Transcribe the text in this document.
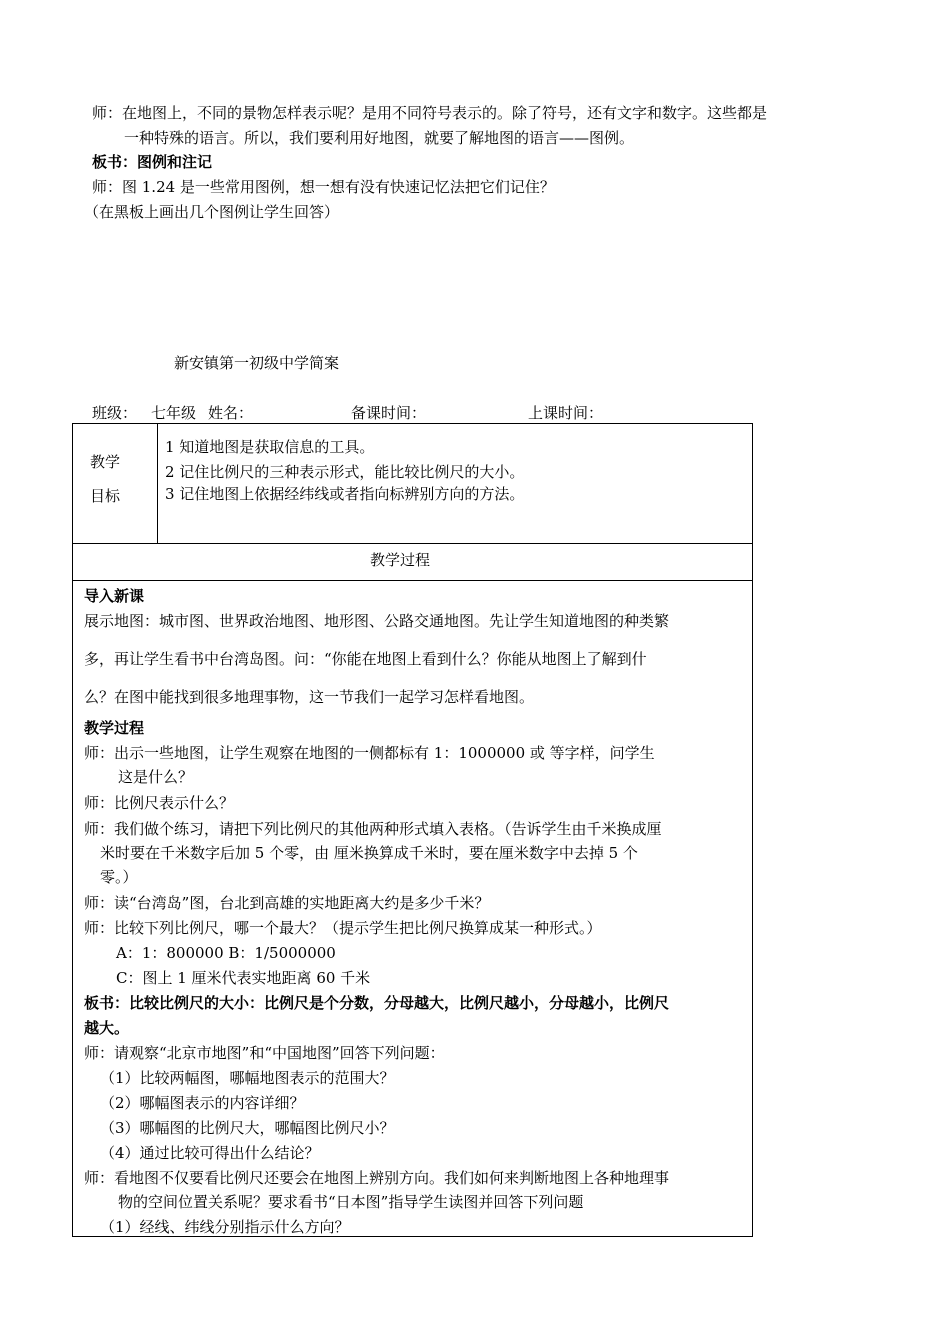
师：在地图上，不同的景物怎样表示呢？是用不同符号表示的。除了符号，还有文字和数字。这些都是
一种特殊的语言。所以，我们要利用好地图，就要了解地图的语言——图例。
板书：图例和注记
师：图 1.24 是一些常用图例，想一想有没有快速记忆法把它们记住？
（在黑板上画出几个图例让学生回答）
新安镇第一初级中学简案
班级： 七年级 姓名：	备课时间：	上课时间：
教学
目标
1 知道地图是获取信息的工具。
2 记住比例尺的三种表示形式，能比较比例尺的大小。
3 记住地图上依据经纬线或者指向标辨别方向的方法。
教学过程
导入新课
展示地图：城市图、世界政治地图、地形图、公路交通地图。先让学生知道地图的种类繁
多，再让学生看书中台湾岛图。问：“你能在地图上看到什么？你能从地图上了解到什
么？在图中能找到很多地理事物，这一节我们一起学习怎样看地图。
教学过程
师：出示一些地图，让学生观察在地图的一侧都标有 1：1000000 或 等字样，问学生
这是什么？
师：比例尺表示什么？
师：我们做个练习，请把下列比例尺的其他两种形式填入表格。（告诉学生由千米换成厘
米时要在千米数字后加 5 个零，由 厘米换算成千米时，要在厘米数字中去掉 5 个
零。）
师：读“台湾岛”图，台北到高雄的实地距离大约是多少千米？
师：比较下列比例尺，哪一个最大？（提示学生把比例尺换算成某一种形式。）
A：1：800000 B：1/5000000
C：图上 1 厘米代表实地距离 60 千米
板书：比较比例尺的大小：比例尺是个分数，分母越大，比例尺越小，分母越小，比例尺
越大。
师：请观察“北京市地图”和“中国地图”回答下列问题：
（1）比较两幅图，哪幅地图表示的范围大？
（2）哪幅图表示的内容详细？
（3）哪幅图的比例尺大，哪幅图比例尺小？
（4）通过比较可得出什么结论？
师：看地图不仅要看比例尺还要会在地图上辨别方向。我们如何来判断地图上各种地理事
物的空间位置关系呢？要求看书“日本图”指导学生读图并回答下列问题
（1）经线、纬线分别指示什么方向？
